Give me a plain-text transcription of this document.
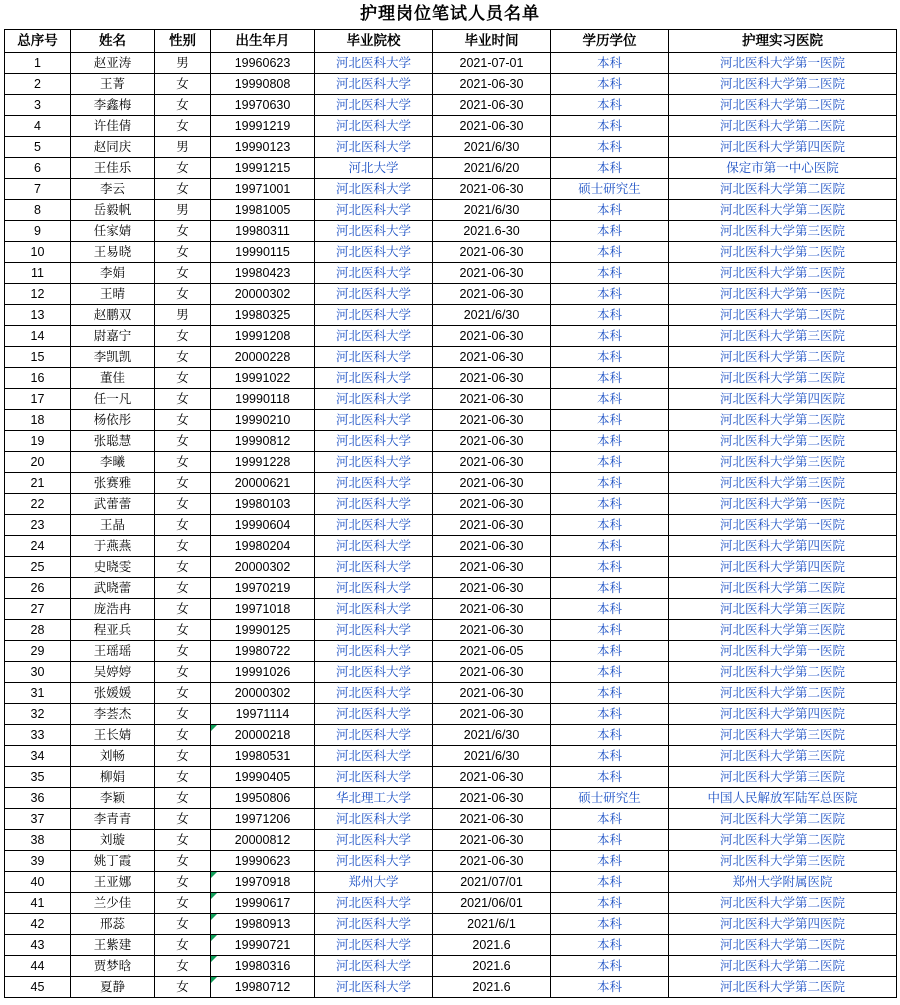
护理岗位笔试人员名单
总序号	姓名	性别	出生年月	毕业院校	毕业时间	学历学位	护理实习医院
1	赵亚涛	男	19960623	河北医科大学	2021-07-01	本科	河北医科大学第一医院
2	王菁	女	19990808	河北医科大学	2021-06-30	本科	河北医科大学第二医院
3	李鑫梅	女	19970630	河北医科大学	2021-06-30	本科	河北医科大学第二医院
4	许佳倩	女	19991219	河北医科大学	2021-06-30	本科	河北医科大学第二医院
5	赵同庆	男	19990123	河北医科大学	2021/6/30	本科	河北医科大学第四医院
6	王佳乐	女	19991215	河北大学	2021/6/20	本科	保定市第一中心医院
7	李云	女	19971001	河北医科大学	2021-06-30	硕士研究生	河北医科大学第二医院
8	岳毅帆	男	19981005	河北医科大学	2021/6/30	本科	河北医科大学第二医院
9	任家婧	女	19980311	河北医科大学	2021.6-30	本科	河北医科大学第三医院
10	王易晓	女	19990115	河北医科大学	2021-06-30	本科	河北医科大学第二医院
11	李娟	女	19980423	河北医科大学	2021-06-30	本科	河北医科大学第二医院
12	王晴	女	20000302	河北医科大学	2021-06-30	本科	河北医科大学第一医院
13	赵鹏双	男	19980325	河北医科大学	2021/6/30	本科	河北医科大学第二医院
14	尉嘉宁	女	19991208	河北医科大学	2021-06-30	本科	河北医科大学第三医院
15	李凯凯	女	20000228	河北医科大学	2021-06-30	本科	河北医科大学第二医院
16	董佳	女	19991022	河北医科大学	2021-06-30	本科	河北医科大学第二医院
17	任一凡	女	19990118	河北医科大学	2021-06-30	本科	河北医科大学第四医院
18	杨依彤	女	19990210	河北医科大学	2021-06-30	本科	河北医科大学第二医院
19	张聪慧	女	19990812	河北医科大学	2021-06-30	本科	河北医科大学第二医院
20	李曦	女	19991228	河北医科大学	2021-06-30	本科	河北医科大学第三医院
21	张赛雅	女	20000621	河北医科大学	2021-06-30	本科	河北医科大学第三医院
22	武蕾蕾	女	19980103	河北医科大学	2021-06-30	本科	河北医科大学第一医院
23	王晶	女	19990604	河北医科大学	2021-06-30	本科	河北医科大学第一医院
24	于燕燕	女	19980204	河北医科大学	2021-06-30	本科	河北医科大学第四医院
25	史晓雯	女	20000302	河北医科大学	2021-06-30	本科	河北医科大学第四医院
26	武晓蕾	女	19970219	河北医科大学	2021-06-30	本科	河北医科大学第二医院
27	庞浩冉	女	19971018	河北医科大学	2021-06-30	本科	河北医科大学第三医院
28	程亚兵	女	19990125	河北医科大学	2021-06-30	本科	河北医科大学第三医院
29	王瑶瑶	女	19980722	河北医科大学	2021-06-05	本科	河北医科大学第一医院
30	吴婷婷	女	19991026	河北医科大学	2021-06-30	本科	河北医科大学第二医院
31	张媛媛	女	20000302	河北医科大学	2021-06-30	本科	河北医科大学第二医院
32	李荟杰	女	19971114	河北医科大学	2021-06-30	本科	河北医科大学第四医院
33	王长婧	女	20000218	河北医科大学	2021/6/30	本科	河北医科大学第三医院
34	刘畅	女	19980531	河北医科大学	2021/6/30	本科	河北医科大学第三医院
35	柳娟	女	19990405	河北医科大学	2021-06-30	本科	河北医科大学第三医院
36	李颖	女	19950806	华北理工大学	2021-06-30	硕士研究生	中国人民解放军陆军总医院
37	李青青	女	19971206	河北医科大学	2021-06-30	本科	河北医科大学第二医院
38	刘璇	女	20000812	河北医科大学	2021-06-30	本科	河北医科大学第二医院
39	姚丁霞	女	19990623	河北医科大学	2021-06-30	本科	河北医科大学第三医院
40	王亚娜	女	19970918	郑州大学	2021/07/01	本科	郑州大学附属医院
41	兰少佳	女	19990617	河北医科大学	2021/06/01	本科	河北医科大学第二医院
42	邢蕊	女	19980913	河北医科大学	2021/6/1	本科	河北医科大学第四医院
43	王紫建	女	19990721	河北医科大学	2021.6	本科	河北医科大学第二医院
44	贾梦晗	女	19980316	河北医科大学	2021.6	本科	河北医科大学第二医院
45	夏静	女	19980712	河北医科大学	2021.6	本科	河北医科大学第二医院
